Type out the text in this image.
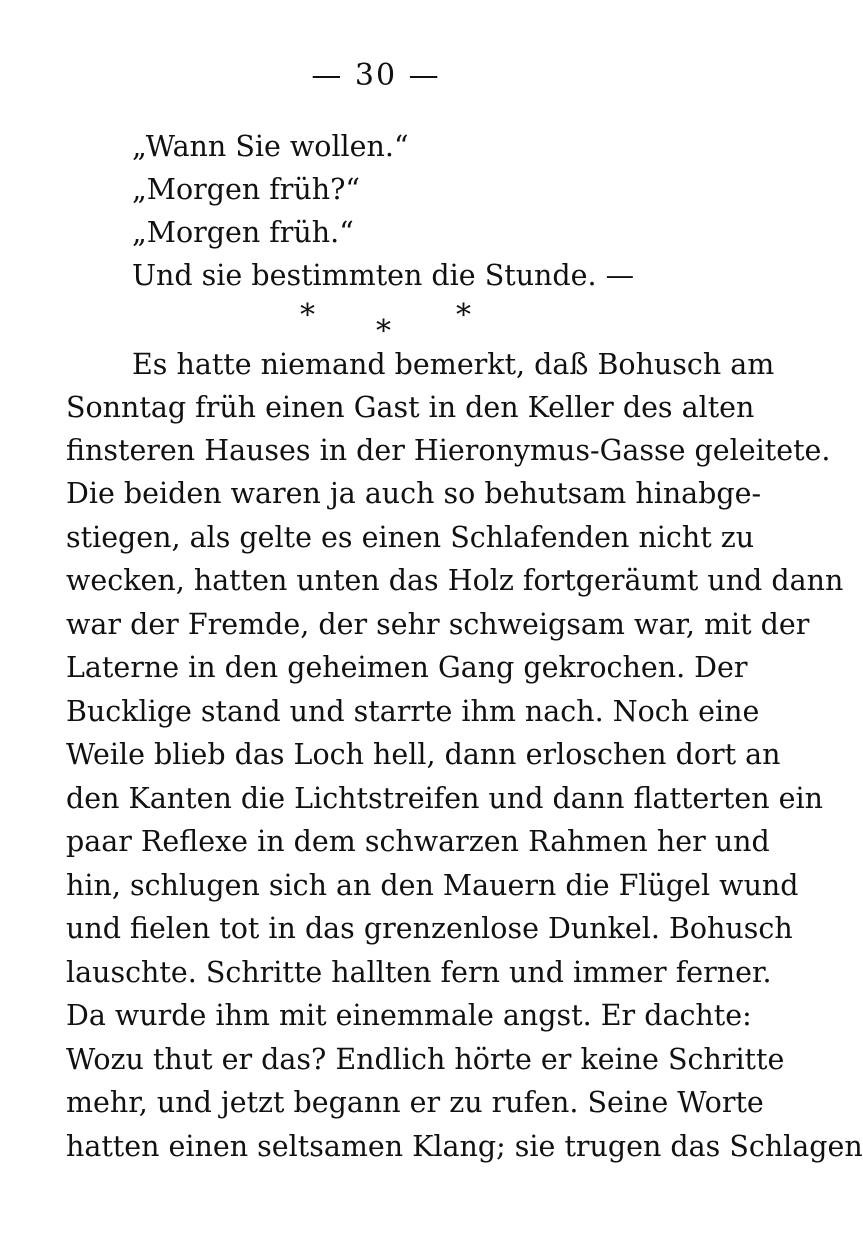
— 30 —
„Wann Sie wollen.“
„Morgen früh?“
„Morgen früh.“
Und sie bestimmten die Stunde. —
* * *
Es hatte niemand bemerkt, daß Bohusch am
Sonntag früh einen Gast in den Keller des alten
finsteren Hauses in der Hieronymus-Gasse geleitete.
Die beiden waren ja auch so behutsam hinabge-
stiegen, als gelte es einen Schlafenden nicht zu
wecken, hatten unten das Holz fortgeräumt und dann
war der Fremde, der sehr schweigsam war, mit der
Laterne in den geheimen Gang gekrochen. Der
Bucklige stand und starrte ihm nach. Noch eine
Weile blieb das Loch hell, dann erloschen dort an
den Kanten die Lichtstreifen und dann flatterten ein
paar Reflexe in dem schwarzen Rahmen her und
hin, schlugen sich an den Mauern die Flügel wund
und fielen tot in das grenzenlose Dunkel. Bohusch
lauschte. Schritte hallten fern und immer ferner.
Da wurde ihm mit einemmale angst. Er dachte:
Wozu thut er das? Endlich hörte er keine Schritte
mehr, und jetzt begann er zu rufen. Seine Worte
hatten einen seltsamen Klang; sie trugen das Schlagen
